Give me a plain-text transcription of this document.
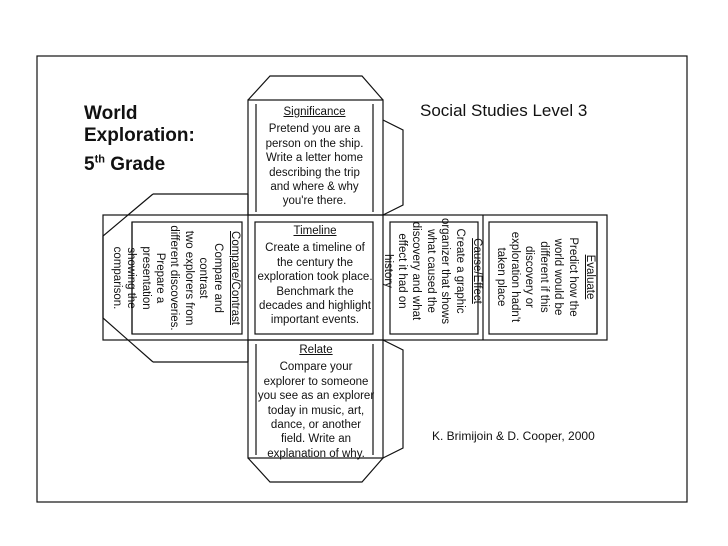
World

Exploration:

5th Grade

Social Studies Level 3

Significance
Pretend you are a
person on the ship.
Write a letter home
describing the trip
and where & why
you're there.
Timeline
Create a timeline of
the century the
exploration took place.
Benchmark the
decades and highlight
important events.
Relate
Compare your
explorer to someone
you see as an explorer
today in music, art,
dance, or another
field. Write an
explanation of why.
Compare/Contrast
Compare and contrast
two explorers from
different discoveries.
Prepare a presentation
showing the
comparison.	Cause/Effect
Create a graphic
organizer that shows
what caused the
discovery and what
effect it had on history	Evaluate
Predict how the
world would be
different if this
discovery or
exploration hadn't
taken place

K. Brimijoin & D. Cooper, 2000
